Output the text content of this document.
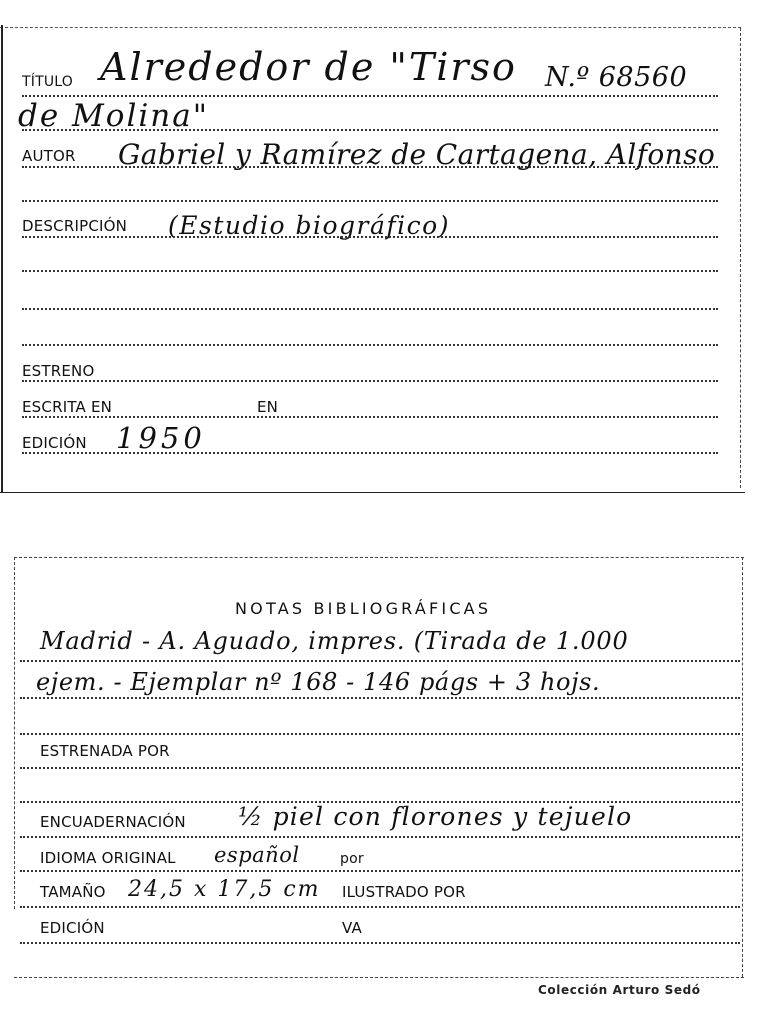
TÍTULO Alrededor de "Tirso N.º 68560
de Molina"
AUTOR Gabriel y Ramírez de Cartagena, Alfonso
DESCRIPCIÓN (Estudio biográfico)
ESTRENO
ESCRITA EN	EN
EDICIÓN 1950
NOTAS BIBLIOGRÁFICAS
Madrid - A. Aguado, impres. (Tirada de 1.000
ejem. - Ejemplar nº 168 - 146 págs + 3 hojs.
ESTRENADA POR
ENCUADERNACIÓN ½ piel con florones y tejuelo
IDIOMA ORIGINAL español	por
TAMAÑO 24,5 x 17,5 cm ILUSTRADO POR
EDICIÓN	VA
Colección Arturo Sedó
